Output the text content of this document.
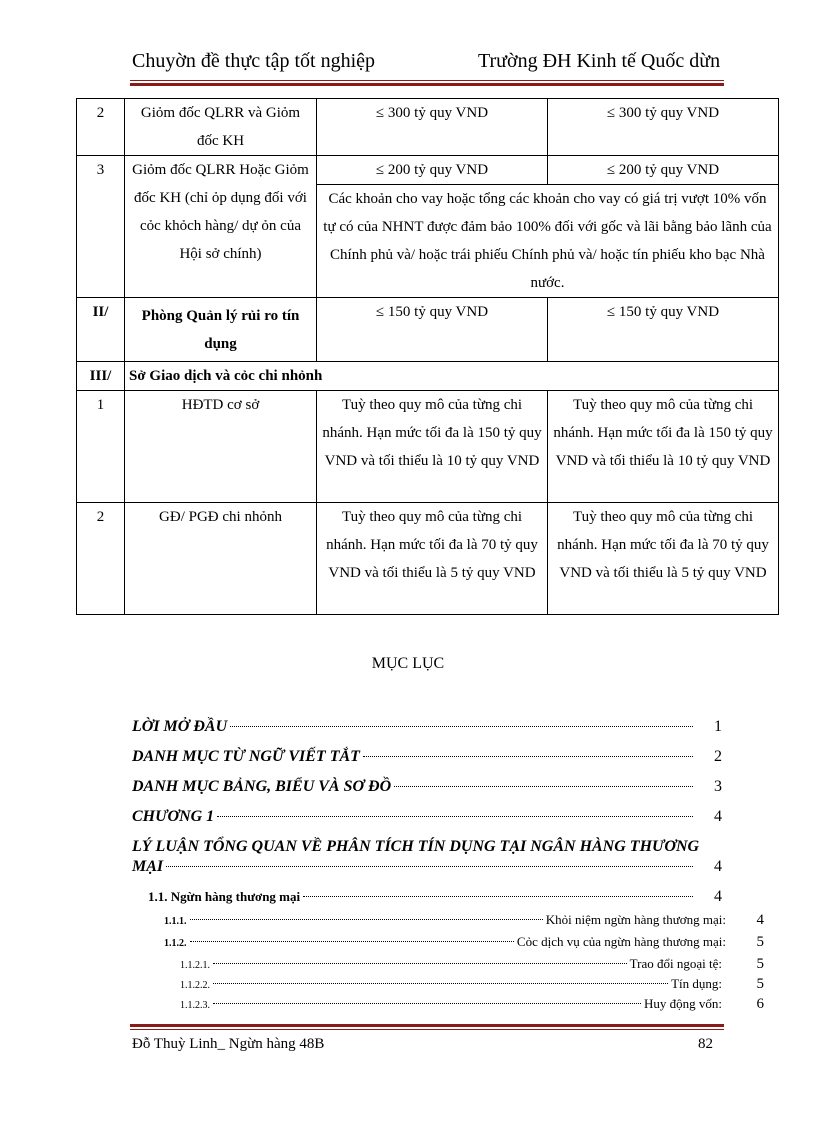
Chuyờn đề thực tập tốt nghiệp	Trường ĐH Kinh tế Quốc dừn
2	Giỏm đốc QLRR và Giỏm đốc KH	≤ 300 tỷ quy VND	≤ 300 tỷ quy VND
3	Giỏm đốc QLRR Hoặc Giỏm đốc KH (chỉ ỏp dụng đối với cỏc khỏch hàng/ dự ỏn của Hội sở chính)	≤ 200 tỷ quy VND	≤ 200 tỷ quy VND
		Các khoản cho vay hoặc tổng các khoản cho vay có giá trị vượt 10% vốn tự có của NHNT được đảm bảo 100% đối với gốc và lãi bằng bảo lãnh của Chính phủ và/ hoặc trái phiếu Chính phủ và/ hoặc tín phiếu kho bạc Nhà nước.	
II/	Phòng Quản lý rủi ro tín dụng	≤ 150 tỷ quy VND	≤ 150 tỷ quy VND
III/	Sở Giao dịch và cỏc chi nhỏnh		
1	HĐTD cơ sở	Tuỳ theo quy mô của từng chi nhánh. Hạn mức tối đa là 150 tỷ quy VND và tối thiểu là 10 tỷ quy VND	Tuỳ theo quy mô của từng chi nhánh. Hạn mức tối đa là 150 tỷ quy VND và tối thiểu là 10 tỷ quy VND
2	GĐ/ PGĐ chi nhỏnh	Tuỳ theo quy mô của từng chi nhánh. Hạn mức tối đa là 70 tỷ quy VND và tối thiểu là 5 tỷ quy VND	Tuỳ theo quy mô của từng chi nhánh. Hạn mức tối đa là 70 tỷ quy VND và tối thiểu là 5 tỷ quy VND
MỤC LỤC
LỜI MỞ ĐẦU	1
DANH MỤC TỪ NGỮ VIẾT TẮT	2
DANH MỤC BẢNG, BIỂU VÀ SƠ ĐỒ	3
CHƯƠNG 1	4
LÝ LUẬN TỔNG QUAN VỀ PHÂN TÍCH TÍN DỤNG TẠI NGÂN HÀNG THƯƠNG
MẠI	4
1.1. Ngừn hàng thương mại	4
1.1.1.	Khỏi niệm ngừn hàng thương mại:	4
1.1.2.	Cỏc dịch vụ của ngừn hàng thương mại:	5
1.1.2.1.	Trao đổi ngoại tệ:	5
1.1.2.2.	Tín dụng:	5
1.1.2.3.	Huy động vốn:	6
Đỗ Thuỳ Linh_ Ngừn hàng 48B	82
